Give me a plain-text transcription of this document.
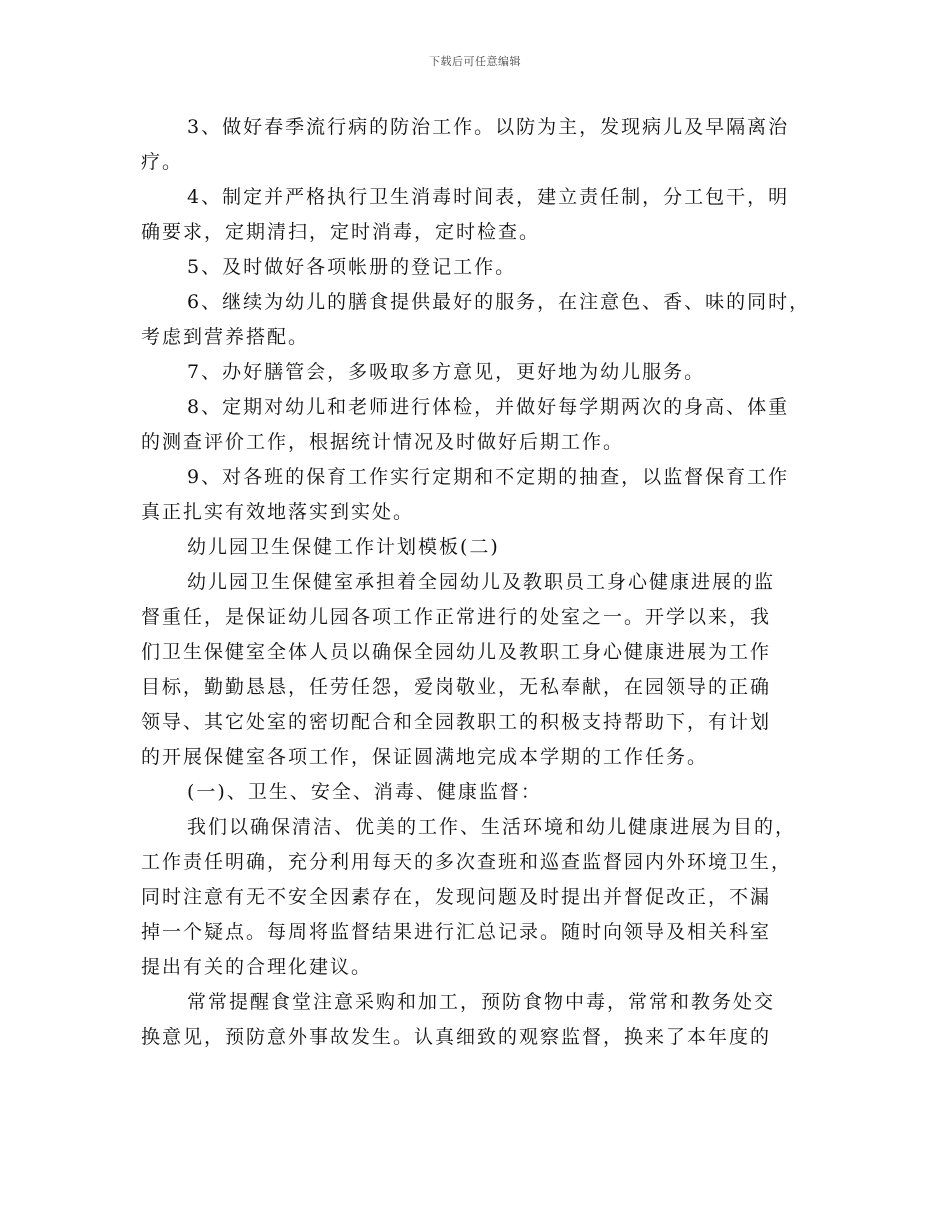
下载后可任意编辑
3、做好春季流行病的防治工作。以防为主，发现病儿及早隔离治
疗。
4、制定并严格执行卫生消毒时间表，建立责任制，分工包干，明
确要求，定期清扫，定时消毒，定时检查。
5、及时做好各项帐册的登记工作。
6、继续为幼儿的膳食提供最好的服务，在注意色、香、味的同时，
考虑到营养搭配。
7、办好膳管会，多吸取多方意见，更好地为幼儿服务。
8、定期对幼儿和老师进行体检，并做好每学期两次的身高、体重
的测查评价工作，根据统计情况及时做好后期工作。
9、对各班的保育工作实行定期和不定期的抽查，以监督保育工作
真正扎实有效地落实到实处。
幼儿园卫生保健工作计划模板(二)
幼儿园卫生保健室承担着全园幼儿及教职员工身心健康进展的监
督重任，是保证幼儿园各项工作正常进行的处室之一。开学以来，我
们卫生保健室全体人员以确保全园幼儿及教职工身心健康进展为工作
目标，勤勤恳恳，任劳任怨，爱岗敬业，无私奉献，在园领导的正确
领导、其它处室的密切配合和全园教职工的积极支持帮助下，有计划
的开展保健室各项工作，保证圆满地完成本学期的工作任务。
(一)、卫生、安全、消毒、健康监督：
我们以确保清洁、优美的工作、生活环境和幼儿健康进展为目的，
工作责任明确，充分利用每天的多次查班和巡查监督园内外环境卫生，
同时注意有无不安全因素存在，发现问题及时提出并督促改正，不漏
掉一个疑点。每周将监督结果进行汇总记录。随时向领导及相关科室
提出有关的合理化建议。
常常提醒食堂注意采购和加工，预防食物中毒，常常和教务处交
换意见，预防意外事故发生。认真细致的观察监督，换来了本年度的
